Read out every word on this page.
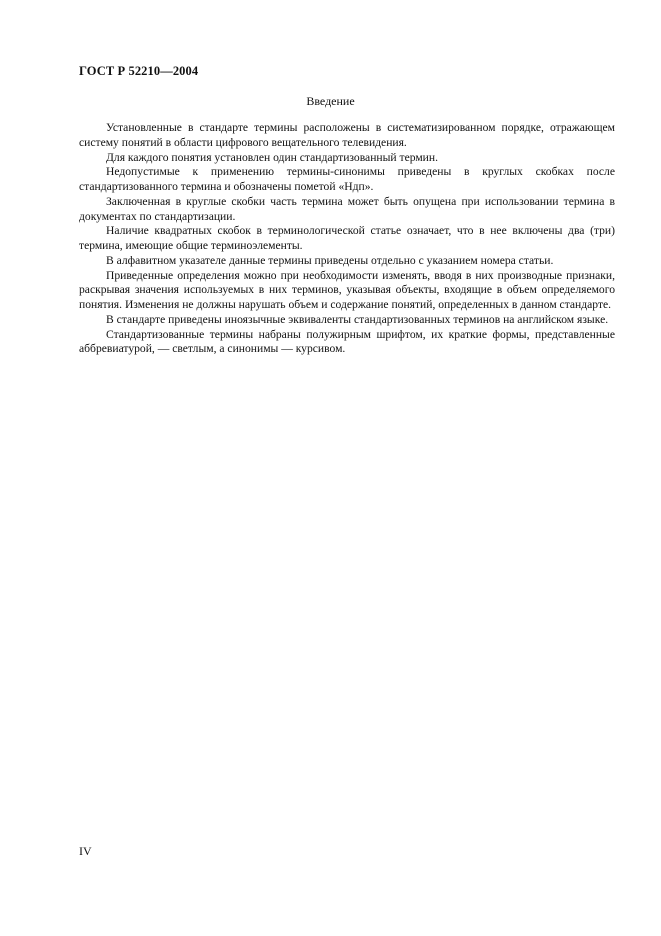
ГОСТ Р 52210—2004
Введение

Установленные в стандарте термины расположены в систематизированном порядке, отражающем систему понятий в области цифрового вещательного телевидения.

Для каждого понятия установлен один стандартизованный термин.

Недопустимые к применению термины-синонимы приведены в круглых скобках после стандартизованного термина и обозначены пометой «Ндп».

Заключенная в круглые скобки часть термина может быть опущена при использовании термина в документах по стандартизации.

Наличие квадратных скобок в терминологической статье означает, что в нее включены два (три) термина, имеющие общие терминоэлементы.

В алфавитном указателе данные термины приведены отдельно с указанием номера статьи.

Приведенные определения можно при необходимости изменять, вводя в них производные признаки, раскрывая значения используемых в них терминов, указывая объекты, входящие в объем определяемого понятия. Изменения не должны нарушать объем и содержание понятий, определенных в данном стандарте.

В стандарте приведены иноязычные эквиваленты стандартизованных терминов на английском языке.

Стандартизованные термины набраны полужирным шрифтом, их краткие формы, представленные аббревиатурой, — светлым, а синонимы — курсивом.

IV
